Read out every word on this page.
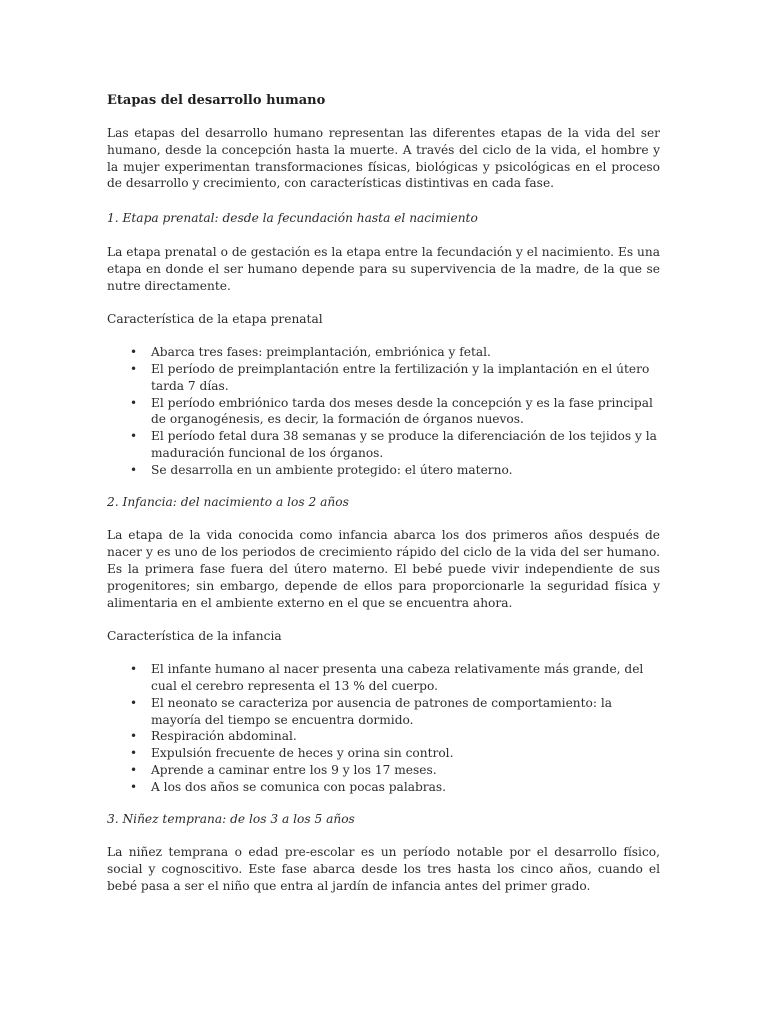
Etapas del desarrollo humano

Las etapas del desarrollo humano representan las diferentes etapas de la vida del ser humano, desde la concepción hasta la muerte. A través del ciclo de la vida, el hombre y la mujer experimentan transformaciones físicas, biológicas y psicológicas en el proceso de desarrollo y crecimiento, con características distintivas en cada fase.

1. Etapa prenatal: desde la fecundación hasta el nacimiento

La etapa prenatal o de gestación es la etapa entre la fecundación y el nacimiento. Es una etapa en donde el ser humano depende para su supervivencia de la madre, de la que se nutre directamente.

Característica de la etapa prenatal

• Abarca tres fases: preimplantación, embriónica y fetal.
• El período de preimplantación entre la fertilización y la implantación en el útero tarda 7 días.
• El período embriónico tarda dos meses desde la concepción y es la fase principal de organogénesis, es decir, la formación de órganos nuevos.
• El período fetal dura 38 semanas y se produce la diferenciación de los tejidos y la maduración funcional de los órganos.
• Se desarrolla en un ambiente protegido: el útero materno.

2. Infancia: del nacimiento a los 2 años

La etapa de la vida conocida como infancia abarca los dos primeros años después de nacer y es uno de los periodos de crecimiento rápido del ciclo de la vida del ser humano. Es la primera fase fuera del útero materno. El bebé puede vivir independiente de sus progenitores; sin embargo, depende de ellos para proporcionarle la seguridad física y alimentaria en el ambiente externo en el que se encuentra ahora.

Característica de la infancia

• El infante humano al nacer presenta una cabeza relativamente más grande, del cual el cerebro representa el 13 % del cuerpo.
• El neonato se caracteriza por ausencia de patrones de comportamiento: la mayoría del tiempo se encuentra dormido.
• Respiración abdominal.
• Expulsión frecuente de heces y orina sin control.
• Aprende a caminar entre los 9 y los 17 meses.
• A los dos años se comunica con pocas palabras.

3. Niñez temprana: de los 3 a los 5 años

La niñez temprana o edad pre-escolar es un período notable por el desarrollo físico, social y cognoscitivo. Este fase abarca desde los tres hasta los cinco años, cuando el bebé pasa a ser el niño que entra al jardín de infancia antes del primer grado.
